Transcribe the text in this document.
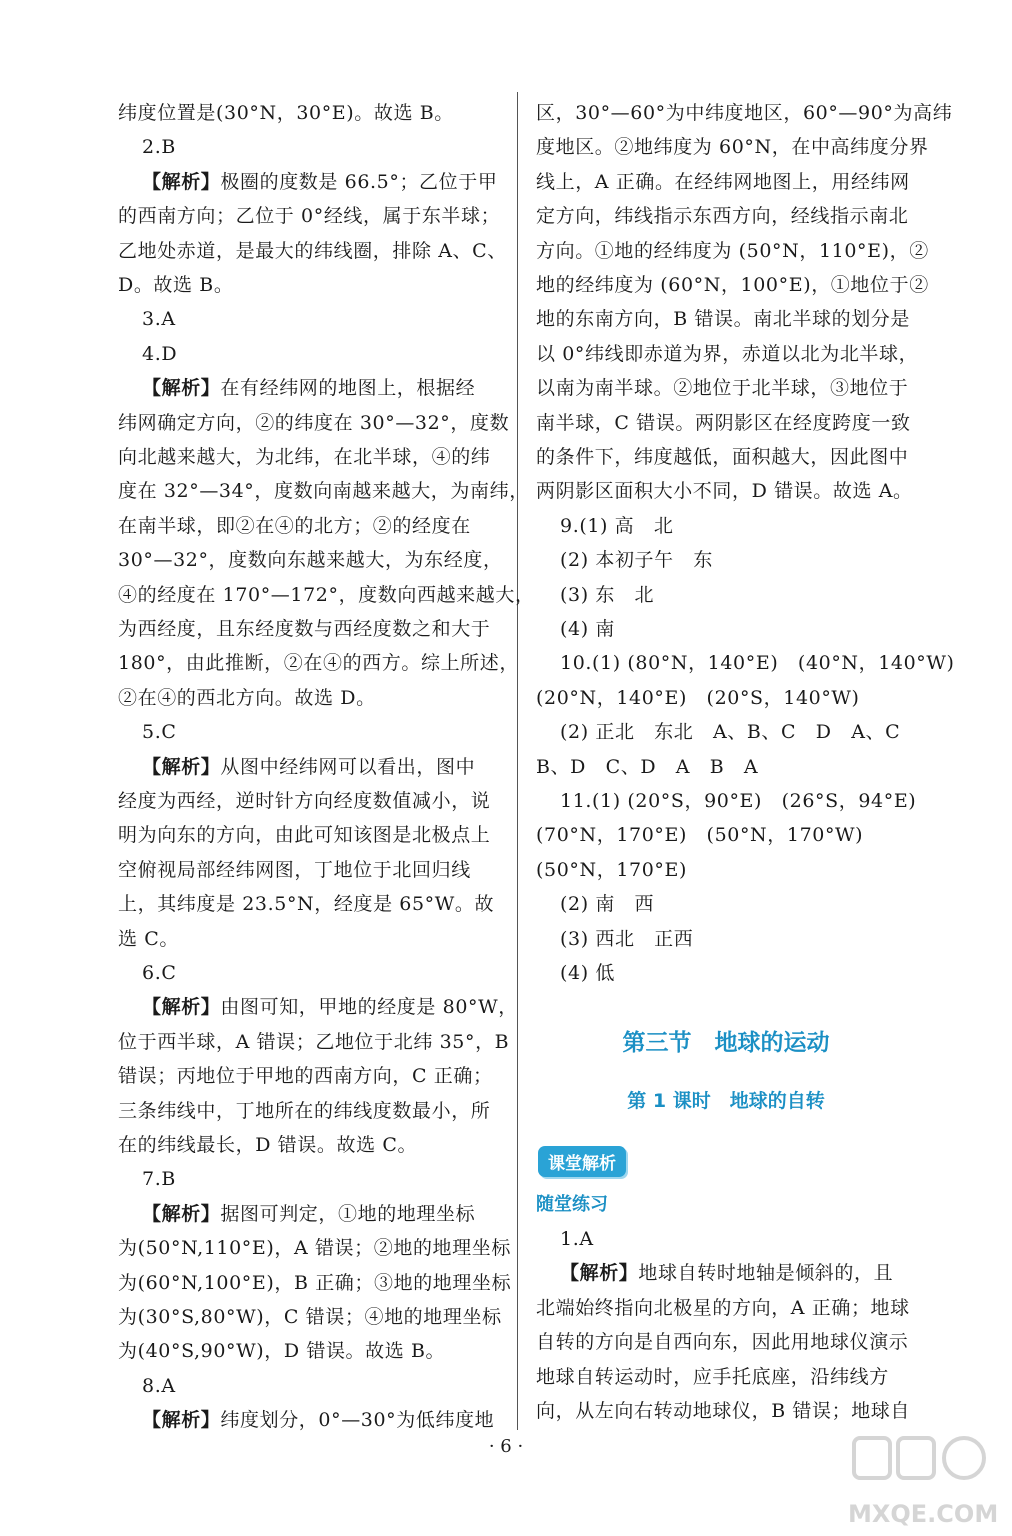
纬度位置是(30°N，30°E)。故选 B。
2.B
【解析】极圈的度数是 66.5°；乙位于甲
的西南方向；乙位于 0°经线，属于东半球；
乙地处赤道，是最大的纬线圈，排除 A、C、
D。故选 B。
3.A
4.D
【解析】在有经纬网的地图上，根据经
纬网确定方向，②的纬度在 30°—32°，度数
向北越来越大，为北纬，在北半球，④的纬
度在 32°—34°，度数向南越来越大，为南纬，
在南半球，即②在④的北方；②的经度在
30°—32°，度数向东越来越大，为东经度，
④的经度在 170°—172°，度数向西越来越大，
为西经度，且东经度数与西经度数之和大于
180°，由此推断，②在④的西方。综上所述，
②在④的西北方向。故选 D。
5.C
【解析】从图中经纬网可以看出，图中
经度为西经，逆时针方向经度数值减小，说
明为向东的方向，由此可知该图是北极点上
空俯视局部经纬网图，丁地位于北回归线
上，其纬度是 23.5°N，经度是 65°W。故
选 C。
6.C
【解析】由图可知，甲地的经度是 80°W，
位于西半球，A 错误；乙地位于北纬 35°，B
错误；丙地位于甲地的西南方向，C 正确；
三条纬线中，丁地所在的纬线度数最小，所
在的纬线最长，D 错误。故选 C。
7.B
【解析】据图可判定，①地的地理坐标
为(50°N,110°E)，A 错误；②地的地理坐标
为(60°N,100°E)，B 正确；③地的地理坐标
为(30°S,80°W)，C 错误；④地的地理坐标
为(40°S,90°W)，D 错误。故选 B。
8.A
【解析】纬度划分，0°—30°为低纬度地
区，30°—60°为中纬度地区，60°—90°为高纬
度地区。②地纬度为 60°N，在中高纬度分界
线上，A 正确。在经纬网地图上，用经纬网
定方向，纬线指示东西方向，经线指示南北
方向。①地的经纬度为 (50°N，110°E)，②
地的经纬度为 (60°N，100°E)，①地位于②
地的东南方向，B 错误。南北半球的划分是
以 0°纬线即赤道为界，赤道以北为北半球，
以南为南半球。②地位于北半球，③地位于
南半球，C 错误。两阴影区在经度跨度一致
的条件下，纬度越低，面积越大，因此图中
两阴影区面积大小不同，D 错误。故选 A。
9.(1) 高　北
(2) 本初子午　东
(3) 东　北
(4) 南
10.(1) (80°N，140°E)　(40°N，140°W)
(20°N，140°E)　(20°S，140°W)
(2) 正北　东北　A、B、C　D　A、C
B、D　C、D　A　B　A
11.(1) (20°S，90°E)　(26°S，94°E)
(70°N，170°E)　(50°N，170°W)
(50°N，170°E)
(2) 南　西
(3) 西北　正西
(4) 低
第三节　地球的运动
第 1 课时　地球的自转
课堂解析
随堂练习
1.A
【解析】地球自转时地轴是倾斜的，且
北端始终指向北极星的方向，A 正确；地球
自转的方向是自西向东，因此用地球仪演示
地球自转运动时，应手托底座，沿纬线方
向，从左向右转动地球仪，B 错误；地球自
· 6 ·
MXQE.COM
